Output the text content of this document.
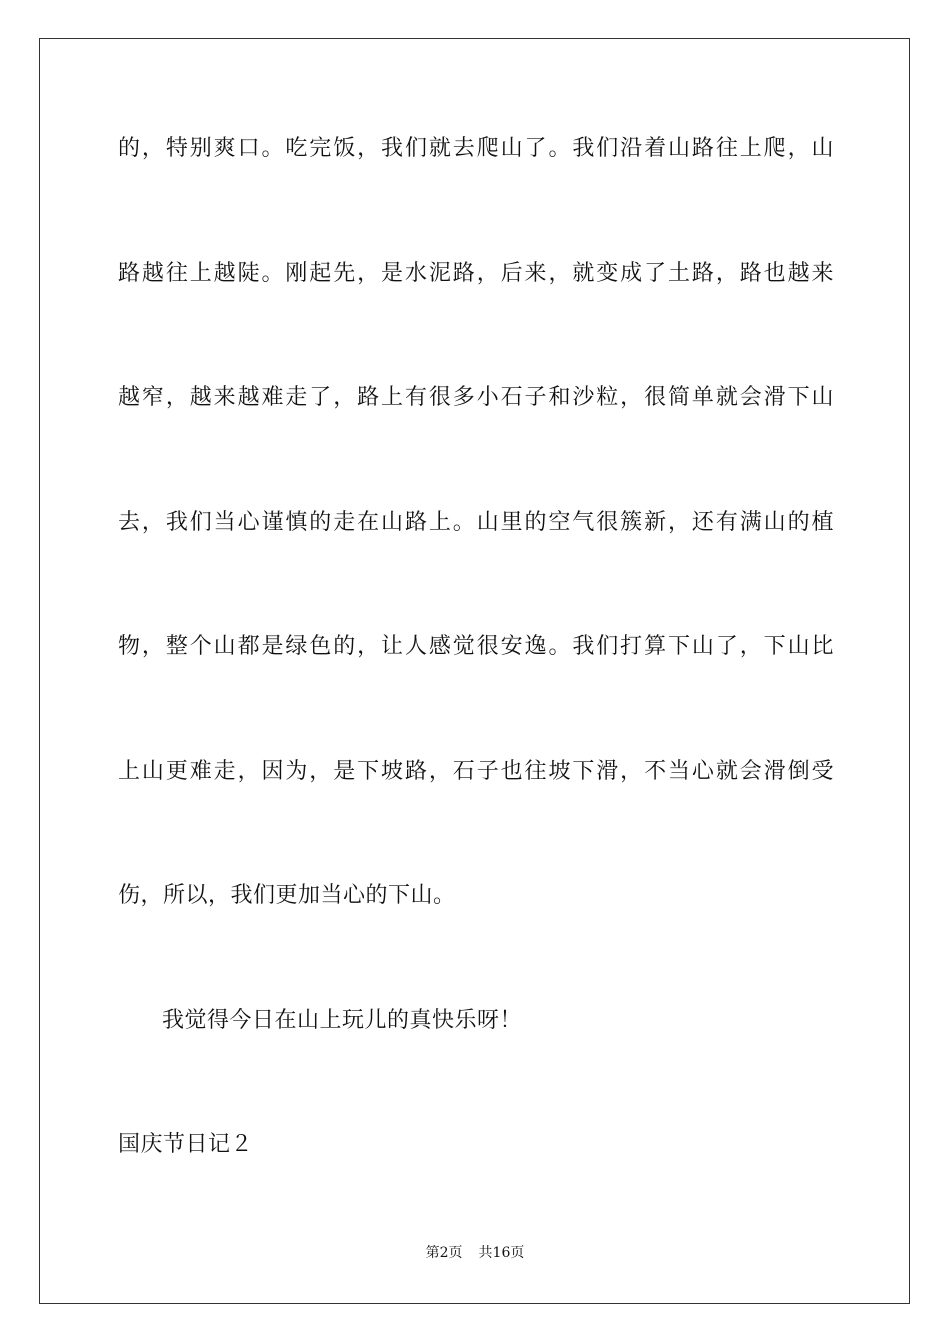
的，特别爽口。吃完饭，我们就去爬山了。我们沿着山路往上爬，山
路越往上越陡。刚起先，是水泥路，后来，就变成了土路，路也越来
越窄，越来越难走了，路上有很多小石子和沙粒，很简单就会滑下山
去，我们当心谨慎的走在山路上。山里的空气很簇新，还有满山的植
物，整个山都是绿色的，让人感觉很安逸。我们打算下山了，下山比
上山更难走，因为，是下坡路，石子也往坡下滑，不当心就会滑倒受
伤，所以，我们更加当心的下山。
我觉得今日在山上玩儿的真快乐呀！
国庆节日记２
第2页 共16页
